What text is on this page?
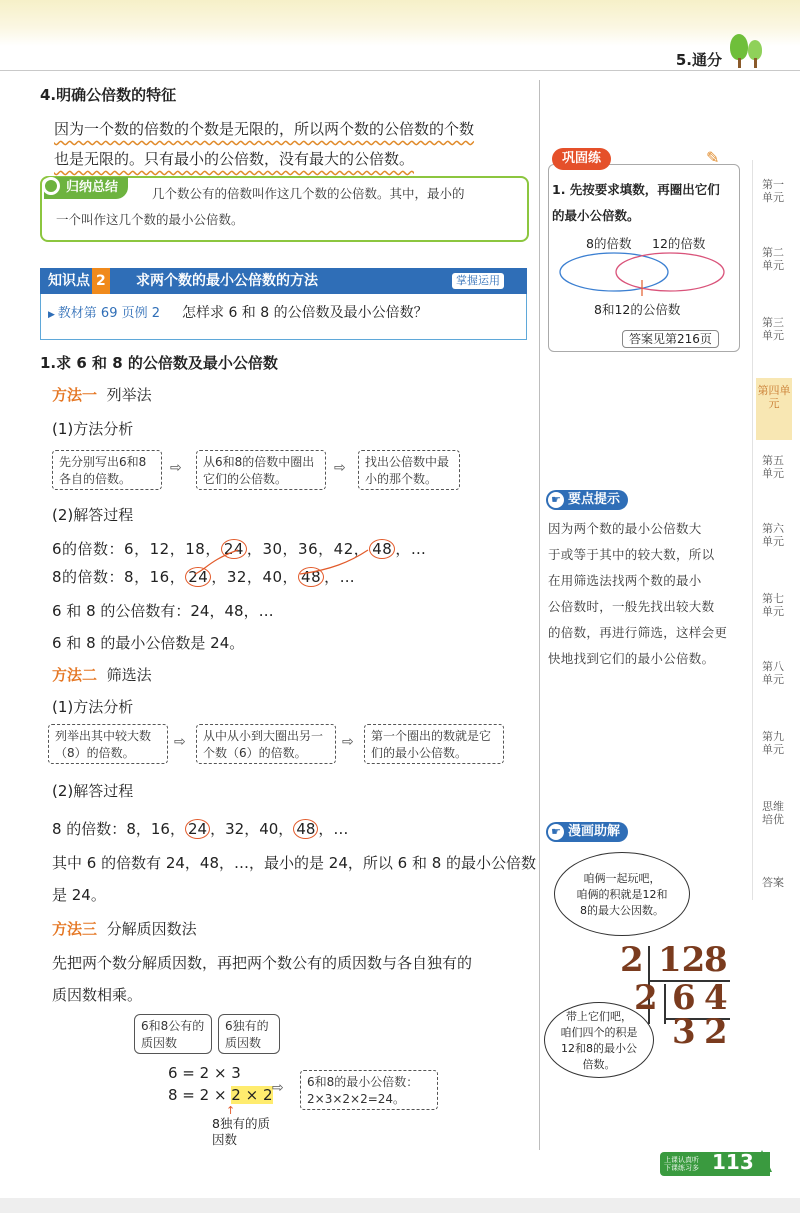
5.通分
4.明确公倍数的特征
因为一个数的倍数的个数是无限的，所以两个数的公倍数的个数
也是无限的。只有最小的公倍数，没有最大的公倍数。
归纳总结	几个数公有的倍数叫作这几个数的公倍数。其中，最小的
一个叫作这几个数的最小公倍数。
知识点 2	求两个数的最小公倍数的方法	掌握运用
▶ 教材第 69 页例 2 怎样求 6 和 8 的公倍数及最小公倍数？
1.求 6 和 8 的公倍数及最小公倍数
方法一 列举法
(1)方法分析
先分别写出6和8各自的倍数。
⇨	从6和8的倍数中圈出它们的公倍数。
⇨	找出公倍数中最小的那个数。
(2)解答过程
6的倍数：6，12，18， 24 ，30，36，42， 48 ，…
8的倍数：8，16， 24 ，32，40， 48 ，…
6 和 8 的公倍数有：24，48，…
6 和 8 的最小公倍数是 24。
方法二 筛选法
(1)方法分析
列举出其中较大数（8）的倍数。
⇨	从中从小到大圈出另一个数（6）的倍数。
⇨	第一个圈出的数就是它们的最小公倍数。
(2)解答过程
8 的倍数：8，16， 24 ，32，40， 48 ，…
其中 6 的倍数有 24，48，…，最小的是 24，所以 6 和 8 的最小公倍数
是 24。
方法三 分解质因数法
先把两个数分解质因数，再把两个数公有的质因数与各自独有的
质因数相乘。
6和8公有的质因数
6独有的质因数
6 = 2 × 3
8 = 2 × 2 × 2
↑
8独有的质因数
⇨	6和8的最小公倍数：
2×3×2×2=24。
巩固练	✎
1. 先按要求填数，再圈出它们
的最小公倍数。
8的倍数 12的倍数
8和12的公倍数
答案见第216页
要点提示
☛
因为两个数的最小公倍数大
于或等于其中的较大数，所以
在用筛选法找两个数的最小
公倍数时，一般先找出较大数
的倍数，再进行筛选，这样会更
快地找到它们的最小公倍数。
漫画助解
☛
咱俩一起玩吧，
咱俩的积就是12和
8的最大公因数。
带上它们吧，
咱们四个的积是
12和8的最小公
倍数。
2 12
8
2 6 4
3 2
第一单元
第二单元
第三单元
第四单元
第五单元
第六单元
第七单元
第八单元
第九单元
思维培优
答案
上课认真听 下课练习多 113
